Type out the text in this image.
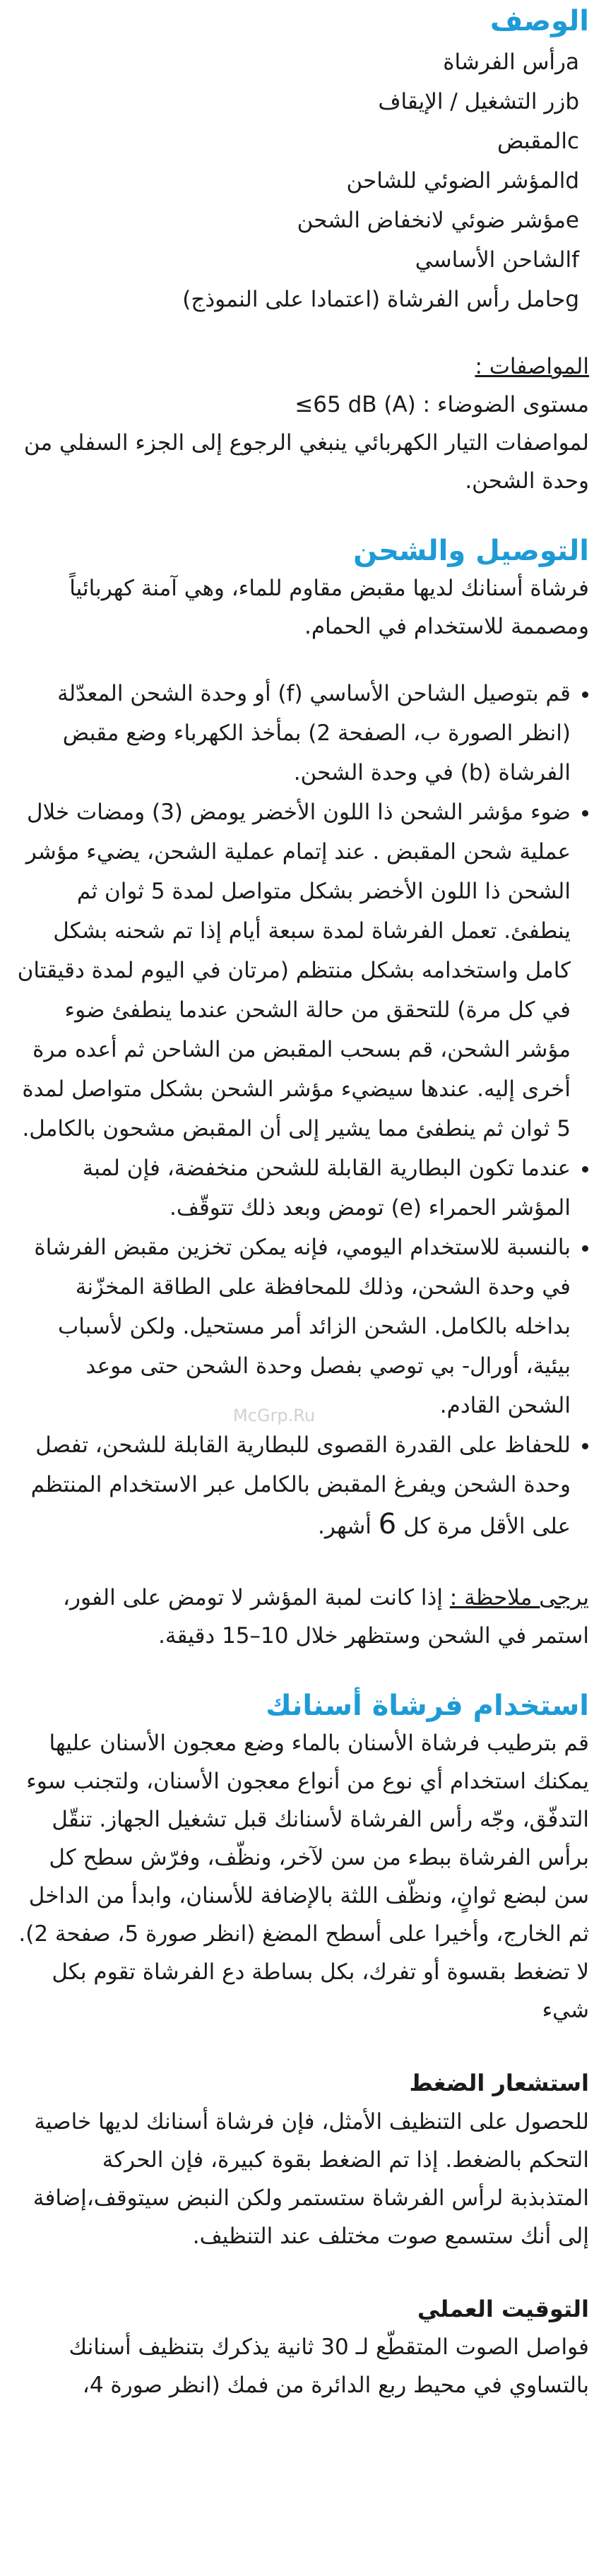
الوصف
a
رأس الفرشاة
b
زر التشغيل / الإيقاف
c
المقبض
d
المؤشر الضوئي للشاحن
e
مؤشر ضوئي لانخفاض الشحن
f
الشاحن الأساسي
g
حامل رأس الفرشاة (اعتمادا على النموذج)
المواصفات :
مستوى الضوضاء : ≤65 dB (A)
لمواصفات التيار الكهربائي ينبغي الرجوع إلى الجزء السفلي من وحدة الشحن.
التوصيل والشحن

فرشاة أسنانك لديها مقبض مقاوم للماء، وهي آمنة كهربائياً ومصممة للاستخدام في الحمام.

• قم بتوصيل الشاحن الأساسي (f) أو وحدة الشحن المعدّلة (انظر الصورة ب، الصفحة 2) بمأخذ الكهرباء وضع مقبض الفرشاة (b) في وحدة الشحن.
• ضوء مؤشر الشحن ذا اللون الأخضر يومض (3) ومضات خلال عملية شحن المقبض . عند إتمام عملية الشحن، يضيء مؤشر الشحن ذا اللون الأخضر بشكل متواصل لمدة 5 ثوان ثم ينطفئ. تعمل الفرشاة لمدة سبعة أيام إذا تم شحنه بشكل كامل واستخدامه بشكل منتظم (مرتان في اليوم لمدة دقيقتان في كل مرة) للتحقق من حالة الشحن عندما ينطفئ ضوء مؤشر الشحن، قم بسحب المقبض من الشاحن ثم أعده مرة أخرى إليه. عندها سيضيء مؤشر الشحن بشكل متواصل لمدة 5 ثوان ثم ينطفئ مما يشير إلى أن المقبض مشحون بالكامل.
• عندما تكون البطارية القابلة للشحن منخفضة، فإن لمبة المؤشر الحمراء (e) تومض وبعد ذلك تتوقّف.
• بالنسبة للاستخدام اليومي، فإنه يمكن تخزين مقبض الفرشاة في وحدة الشحن، وذلك للمحافظة على الطاقة المخزّنة بداخله بالكامل. الشحن الزائد أمر مستحيل. ولكن لأسباب بيئية، أورال- بي توصي بفصل وحدة الشحن حتى موعد الشحن القادم.
• للحفاظ على القدرة القصوى للبطارية القابلة للشحن، تفصل وحدة الشحن ويفرغ المقبض بالكامل عبر الاستخدام المنتظم على الأقل مرة كل 6 أشهر.

يرجى ملاحظة : إذا كانت لمبة المؤشر لا تومض على الفور، استمر في الشحن وستظهر خلال 10–15 دقيقة.

استخدام فرشاة أسنانك

قم بترطيب فرشاة الأسنان بالماء وضع معجون الأسنان عليها يمكنك استخدام أي نوع من أنواع معجون الأسنان، ولتجنب سوء التدفّق، وجّه رأس الفرشاة لأسنانك قبل تشغيل الجهاز. تنقّل برأس الفرشاة ببطء من سن لآخر، ونظّف، وفرّش سطح كل سن لبضع ثوانٍ، ونظّف اللثة بالإضافة للأسنان، وابدأ من الداخل ثم الخارج، وأخيرا على أسطح المضغ (انظر صورة 5، صفحة 2). لا تضغط بقسوة أو تفرك، بكل بساطة دع الفرشاة تقوم بكل شيء

استشعار الضغط

للحصول على التنظيف الأمثل، فإن فرشاة أسنانك لديها خاصية التحكم بالضغط. إذا تم الضغط بقوة كبيرة، فإن الحركة المتذبذبة لرأس الفرشاة ستستمر ولكن النبض سيتوقف،إضافة إلى أنك ستسمع صوت مختلف عند التنظيف.

التوقيت العملي

فواصل الصوت المتقطّع لـ 30 ثانية يذكرك بتنظيف أسنانك بالتساوي في محيط ربع الدائرة من فمك (انظر صورة 4،

McGrp.Ru
